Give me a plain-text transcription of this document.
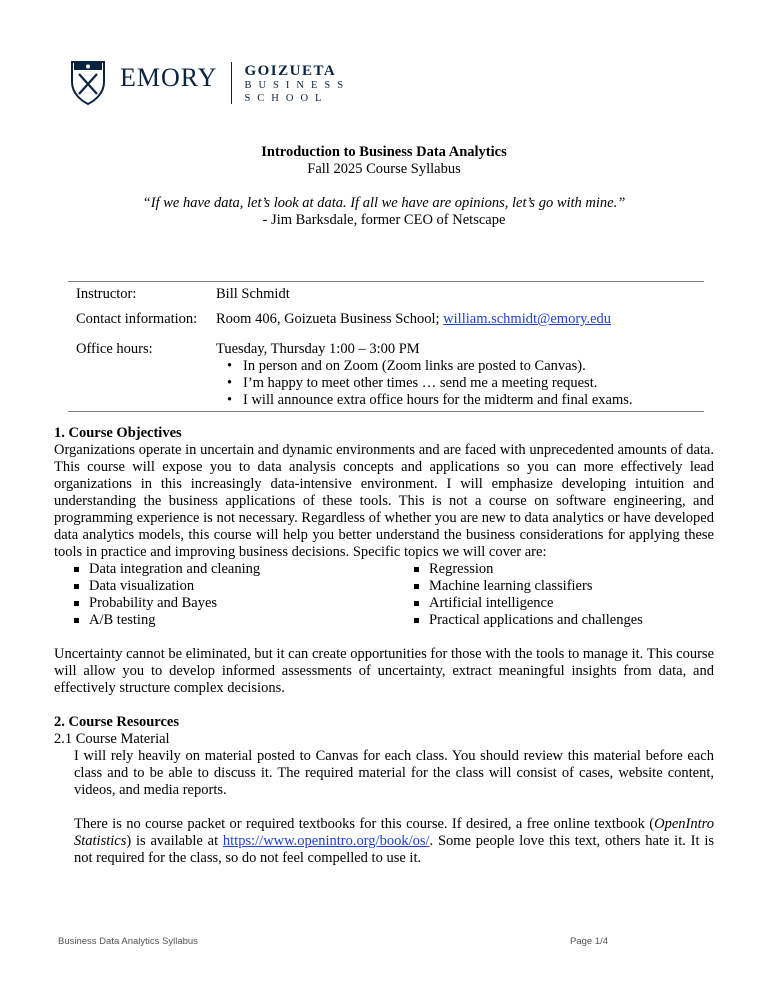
EMORY GOIZUETA
BUSINESS
SCHOOL
Introduction to Business Data Analytics
Fall 2025 Course Syllabus
“If we have data, let’s look at data. If all we have are opinions, let’s go with mine.”
- Jim Barksdale, former CEO of Netscape
Instructor:	Bill Schmidt
Contact information:	Room 406, Goizueta Business School; william.schmidt@emory.edu
Office hours:	Tuesday, Thursday 1:00 – 3:00 PM
• In person and on Zoom (Zoom links are posted to Canvas).
• I’m happy to meet other times … send me a meeting request.
• I will announce extra office hours for the midterm and final exams.
1. Course Objectives
Organizations operate in uncertain and dynamic environments and are faced with unprecedented amounts of data. This course will expose you to data analysis concepts and applications so you can more effectively lead organizations in this increasingly data-intensive environment. I will emphasize developing intuition and understanding the business applications of these tools. This is not a course on software engineering, and programming experience is not necessary. Regardless of whether you are new to data analytics or have developed data analytics models, this course will help you better understand the business considerations for applying these tools in practice and improving business decisions. Specific topics we will cover are:
Data integration and cleaning
Data visualization
Probability and Bayes
A/B testing
Regression
Machine learning classifiers
Artificial intelligence
Practical applications and challenges
Uncertainty cannot be eliminated, but it can create opportunities for those with the tools to manage it. This course will allow you to develop informed assessments of uncertainty, extract meaningful insights from data, and effectively structure complex decisions.
2. Course Resources
2.1 Course Material
I will rely heavily on material posted to Canvas for each class. You should review this material before each class and to be able to discuss it. The required material for the class will consist of cases, website content, videos, and media reports.
There is no course packet or required textbooks for this course. If desired, a free online textbook (OpenIntro Statistics) is available at https://www.openintro.org/book/os/. Some people love this text, others hate it. It is not required for the class, so do not feel compelled to use it.
Business Data Analytics Syllabus	Page 1/4
